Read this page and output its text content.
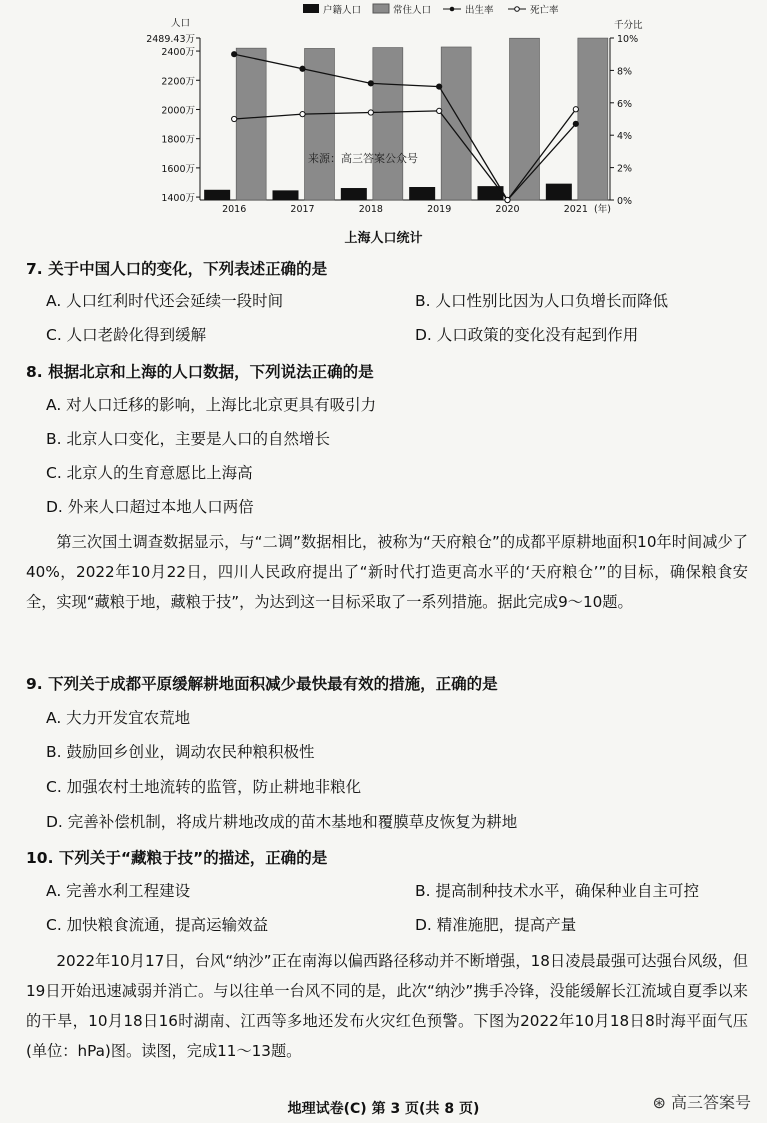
人口	千分比
2489.43万
2400万
2200万
2000万
1800万
1600万
1400万
10%
8%
6%
4%
2%
0%
2016	2017	2018	2019	2020	2021 (年)
户籍人口	常住人口	出生率	死亡率
来源：高三答案公众号
上海人口统计
7. 关于中国人口的变化，下列表述正确的是
A. 人口红利时代还会延续一段时间	B. 人口性别比因为人口负增长而降低
C. 人口老龄化得到缓解	D. 人口政策的变化没有起到作用
8. 根据北京和上海的人口数据，下列说法正确的是
A. 对人口迁移的影响，上海比北京更具有吸引力
B. 北京人口变化，主要是人口的自然增长
C. 北京人的生育意愿比上海高
D. 外来人口超过本地人口两倍
第三次国土调查数据显示，与“二调”数据相比，被称为“天府粮仓”的成都平原耕地面积10年时间减少了40%，2022年10月22日，四川人民政府提出了“新时代打造更高水平的‘天府粮仓’”的目标，确保粮食安全，实现“藏粮于地，藏粮于技”，为达到这一目标采取了一系列措施。据此完成9～10题。
9. 下列关于成都平原缓解耕地面积减少最快最有效的措施，正确的是
A. 大力开发宜农荒地
B. 鼓励回乡创业，调动农民种粮积极性
C. 加强农村土地流转的监管，防止耕地非粮化
D. 完善补偿机制，将成片耕地改成的苗木基地和覆膜草皮恢复为耕地
10. 下列关于“藏粮于技”的描述，正确的是
A. 完善水利工程建设	B. 提高制种技术水平，确保种业自主可控
C. 加快粮食流通，提高运输效益	D. 精准施肥，提高产量
2022年10月17日，台风“纳沙”正在南海以偏西路径移动并不断增强，18日凌晨最强可达强台风级，但19日开始迅速减弱并消亡。与以往单一台风不同的是，此次“纳沙”携手冷锋，没能缓解长江流域自夏季以来的干旱，10月18日16时湖南、江西等多地还发布火灾红色预警。下图为2022年10月18日8时海平面气压(单位：hPa)图。读图，完成11～13题。
地理试卷(C) 第 3 页(共 8 页)	⊛ 高三答案号
